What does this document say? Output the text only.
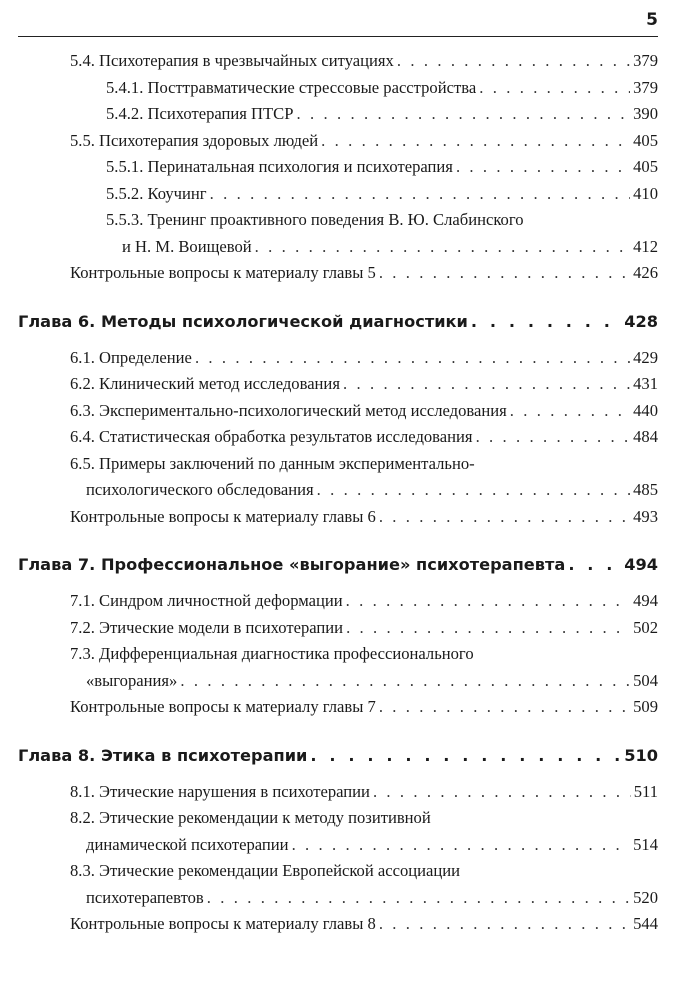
5
5.4. Психотерапия в чрезвычайных ситуациях . . .	379
5.4.1. Посттравматические стрессовые расстройства . . .	379
5.4.2. Психотерапия ПТСР . . .	390
5.5. Психотерапия здоровых людей . . .	405
5.5.1. Перинатальная психология и психотерапия . . .	405
5.5.2. Коучинг . . .	410
5.5.3. Тренинг проактивного поведения В. Ю. Слабинского
и Н. М. Воищевой . . .	412
Контрольные вопросы к материалу главы 5 . . .	426
Глава 6. Методы психологической диагностики . . .	428
6.1. Определение . . .	429
6.2. Клинический метод исследования . . .	431
6.3. Экспериментально-психологический метод исследования . . .	440
6.4. Статистическая обработка результатов исследования . . .	484
6.5. Примеры заключений по данным экспериментально-
психологического обследования . . .	485
Контрольные вопросы к материалу главы 6 . . .	493
Глава 7. Профессиональное «выгорание» психотерапевта . . .	494
7.1. Синдром личностной деформации . . .	494
7.2. Этические модели в психотерапии . . .	502
7.3. Дифференциальная диагностика профессионального
«выгорания» . . .	504
Контрольные вопросы к материалу главы 7 . . .	509
Глава 8. Этика в психотерапии . . .	510
8.1. Этические нарушения в психотерапии . . .	511
8.2. Этические рекомендации к методу позитивной
динамической психотерапии . . .	514
8.3. Этические рекомендации Европейской ассоциации
психотерапевтов . . .	520
Контрольные вопросы к материалу главы 8 . . .	544
